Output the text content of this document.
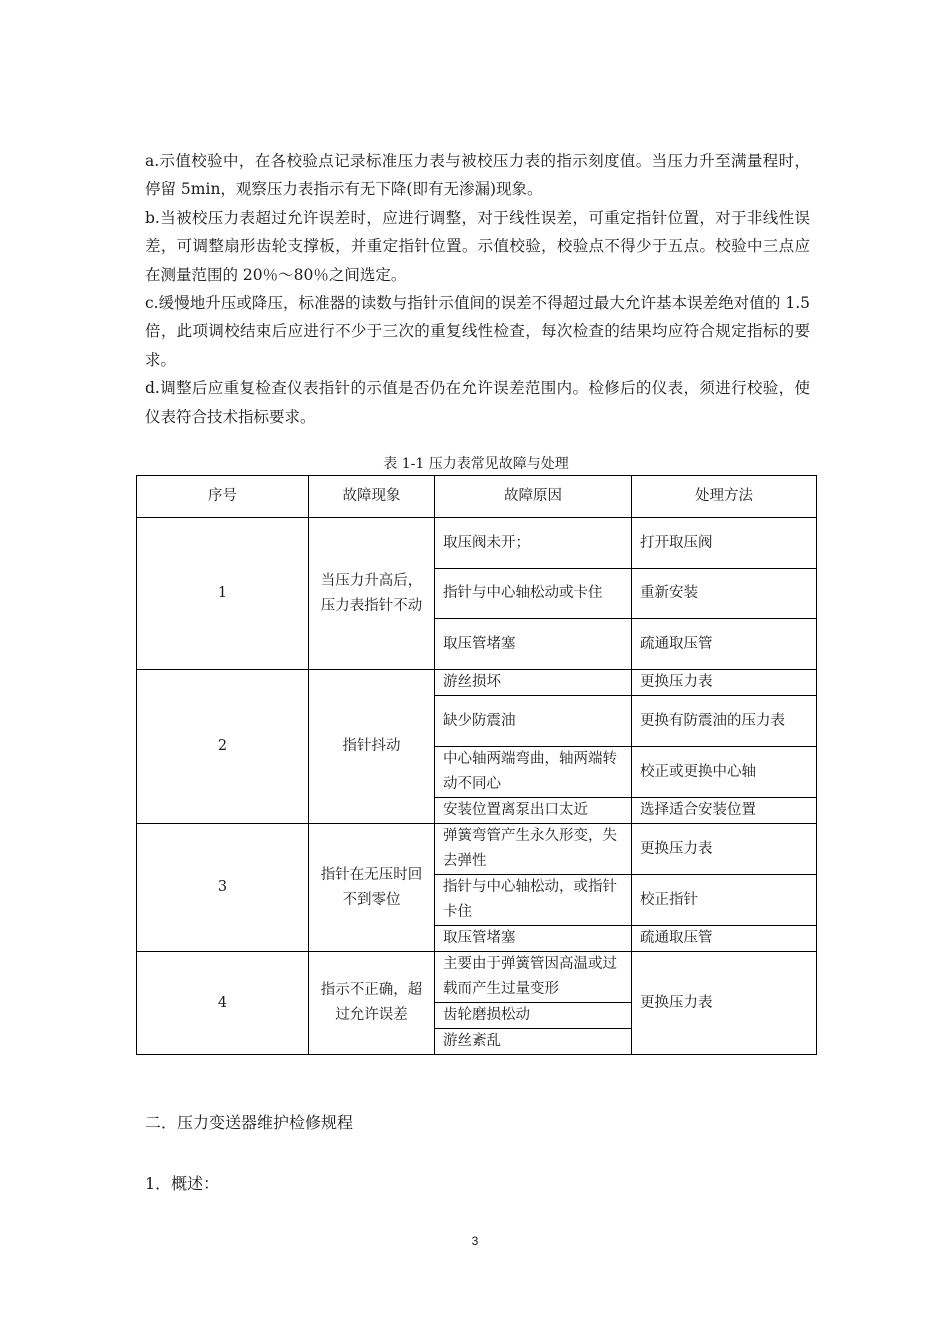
a.示值校验中，在各校验点记录标准压力表与被校压力表的指示刻度值。当压力升至满量程时，停留 5min，观察压力表指示有无下降(即有无渗漏)现象。

b.当被校压力表超过允许误差时，应进行调整，对于线性误差，可重定指针位置，对于非线性误差，可调整扇形齿轮支撑板，并重定指针位置。示值校验，校验点不得少于五点。校验中三点应在测量范围的 20％～80％之间选定。

c.缓慢地升压或降压，标准器的读数与指针示值间的误差不得超过最大允许基本误差绝对值的 1.5 倍，此项调校结束后应进行不少于三次的重复线性检查，每次检查的结果均应符合规定指标的要求。

d.调整后应重复检查仪表指针的示值是否仍在允许误差范围内。检修后的仪表，须进行校验，使仪表符合技术指标要求。

表 1-1 压力表常见故障与处理
序号	故障现象	故障原因	处理方法
1	当压力升高后，压力表指针不动	取压阀未开；	打开取压阀
		指针与中心轴松动或卡住	重新安装
		取压管堵塞	疏通取压管
2	指针抖动	游丝损坏	更换压力表
		缺少防震油	更换有防震油的压力表
		中心轴两端弯曲，轴两端转动不同心	校正或更换中心轴
		安装位置离泵出口太近	选择适合安装位置
3	指针在无压时回不到零位	弹簧弯管产生永久形变，失去弹性	更换压力表
		指针与中心轴松动，或指针卡住	校正指针
		取压管堵塞	疏通取压管
4	指示不正确，超过允许误差	主要由于弹簧管因高温或过载而产生过量变形	更换压力表
		齿轮磨损松动	
		游丝紊乱	
二．压力变送器维护检修规程
1．概述：
3
